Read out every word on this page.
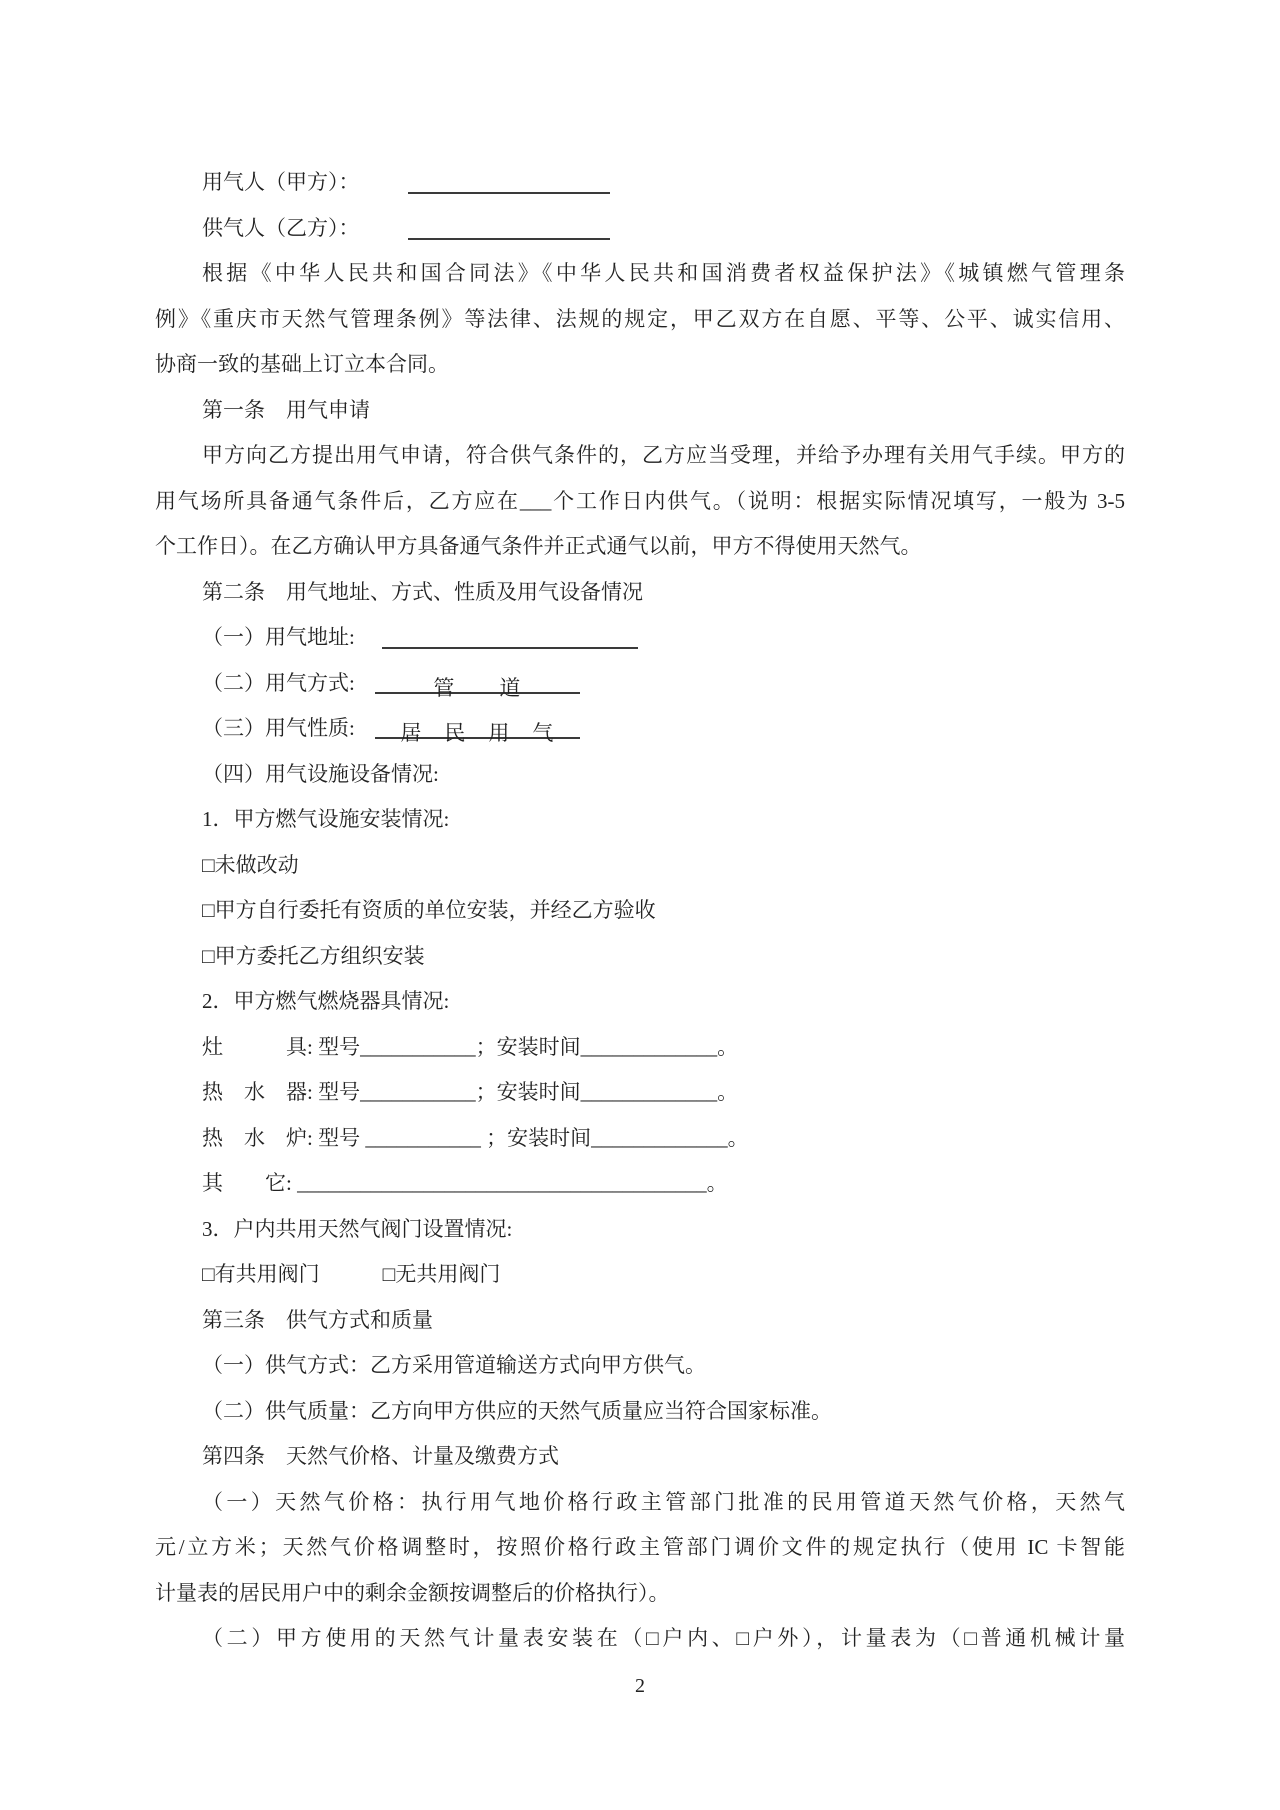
用气人（甲方）：
供气人（乙方）：
根据《中华人民共和国合同法》《中华人民共和国消费者权益保护法》《城镇燃气管理条
例》《重庆市天然气管理条例》等法律、法规的规定，甲乙双方在自愿、平等、公平、诚实信用、
协商一致的基础上订立本合同。
第一条　用气申请
甲方向乙方提出用气申请，符合供气条件的，乙方应当受理，并给予办理有关用气手续。甲方的
用气场所具备通气条件后，乙方应在___个工作日内供气。（说明：根据实际情况填写，一般为 3-5
个工作日）。在乙方确认甲方具备通气条件并正式通气以前，甲方不得使用天然气。
第二条　用气地址、方式、性质及用气设备情况
（一）用气地址:
（二）用气方式:	管　　道
（三）用气性质: 居　民　用　气
（四）用气设施设备情况:
1．甲方燃气设施安装情况:
□未做改动
□甲方自行委托有资质的单位安装，并经乙方验收
□甲方委托乙方组织安装
2．甲方燃气燃烧器具情况:
灶　　　具: 型号___________；安装时间_____________。
热　水　器: 型号___________；安装时间_____________。
热　水　炉: 型号 ___________ ；安装时间_____________。
其　　它: _______________________________________。
3．户内共用天然气阀门设置情况:
□有共用阀门　　　□无共用阀门
第三条　供气方式和质量
（一）供气方式：乙方采用管道输送方式向甲方供气。
（二）供气质量：乙方向甲方供应的天然气质量应当符合国家标准。
第四条　天然气价格、计量及缴费方式
（一）天然气价格：执行用气地价格行政主管部门批准的民用管道天然气价格，天然气
元/立方米；天然气价格调整时，按照价格行政主管部门调价文件的规定执行（使用 IC 卡智能
计量表的居民用户中的剩余金额按调整后的价格执行）。
（二）甲方使用的天然气计量表安装在（□户内、□户外），计量表为（□普通机械计量
2
